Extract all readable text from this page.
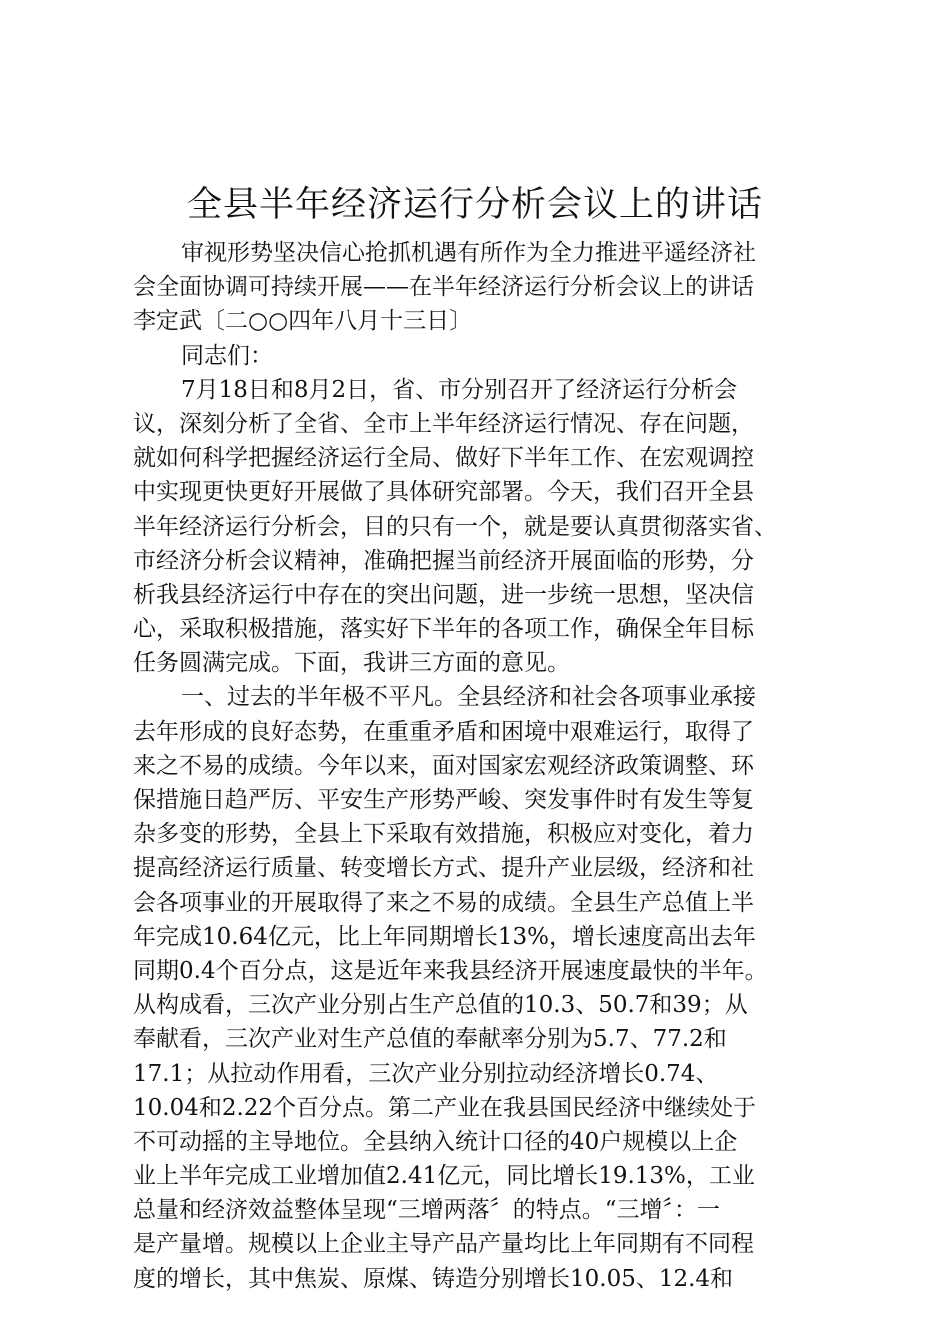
全县半年经济运行分析会议上的讲话
审视形势坚决信心抢抓机遇有所作为全力推进平遥经济社
会全面协调可持续开展——在半年经济运行分析会议上的讲话
李定武〔二○○四年八月十三日〕
同志们：
7月18日和8月2日，省、市分别召开了经济运行分析会
议，深刻分析了全省、全市上半年经济运行情况、存在问题，
就如何科学把握经济运行全局、做好下半年工作、在宏观调控
中实现更快更好开展做了具体研究部署。今天，我们召开全县
半年经济运行分析会，目的只有一个，就是要认真贯彻落实省、
市经济分析会议精神，准确把握当前经济开展面临的形势，分
析我县经济运行中存在的突出问题，进一步统一思想，坚决信
心，采取积极措施，落实好下半年的各项工作，确保全年目标
任务圆满完成。下面，我讲三方面的意见。
一、过去的半年极不平凡。全县经济和社会各项事业承接
去年形成的良好态势，在重重矛盾和困境中艰难运行，取得了
来之不易的成绩。今年以来，面对国家宏观经济政策调整、环
保措施日趋严厉、平安生产形势严峻、突发事件时有发生等复
杂多变的形势，全县上下采取有效措施，积极应对变化，着力
提高经济运行质量、转变增长方式、提升产业层级，经济和社
会各项事业的开展取得了来之不易的成绩。全县生产总值上半
年完成10.64亿元，比上年同期增长13%，增长速度高出去年
同期0.4个百分点，这是近年来我县经济开展速度最快的半年。
从构成看，三次产业分别占生产总值的10.3、50.7和39；从
奉献看，三次产业对生产总值的奉献率分别为5.7、77.2和
17.1；从拉动作用看，三次产业分别拉动经济增长0.74、
10.04和2.22个百分点。第二产业在我县国民经济中继续处于
不可动摇的主导地位。全县纳入统计口径的40户规模以上企
业上半年完成工业增加值2.41亿元，同比增长19.13%，工业
总量和经济效益整体呈现“三增两落〞的特点。“三增〞：一
是产量增。规模以上企业主导产品产量均比上年同期有不同程
度的增长，其中焦炭、原煤、铸造分别增长10.05、12.4和
